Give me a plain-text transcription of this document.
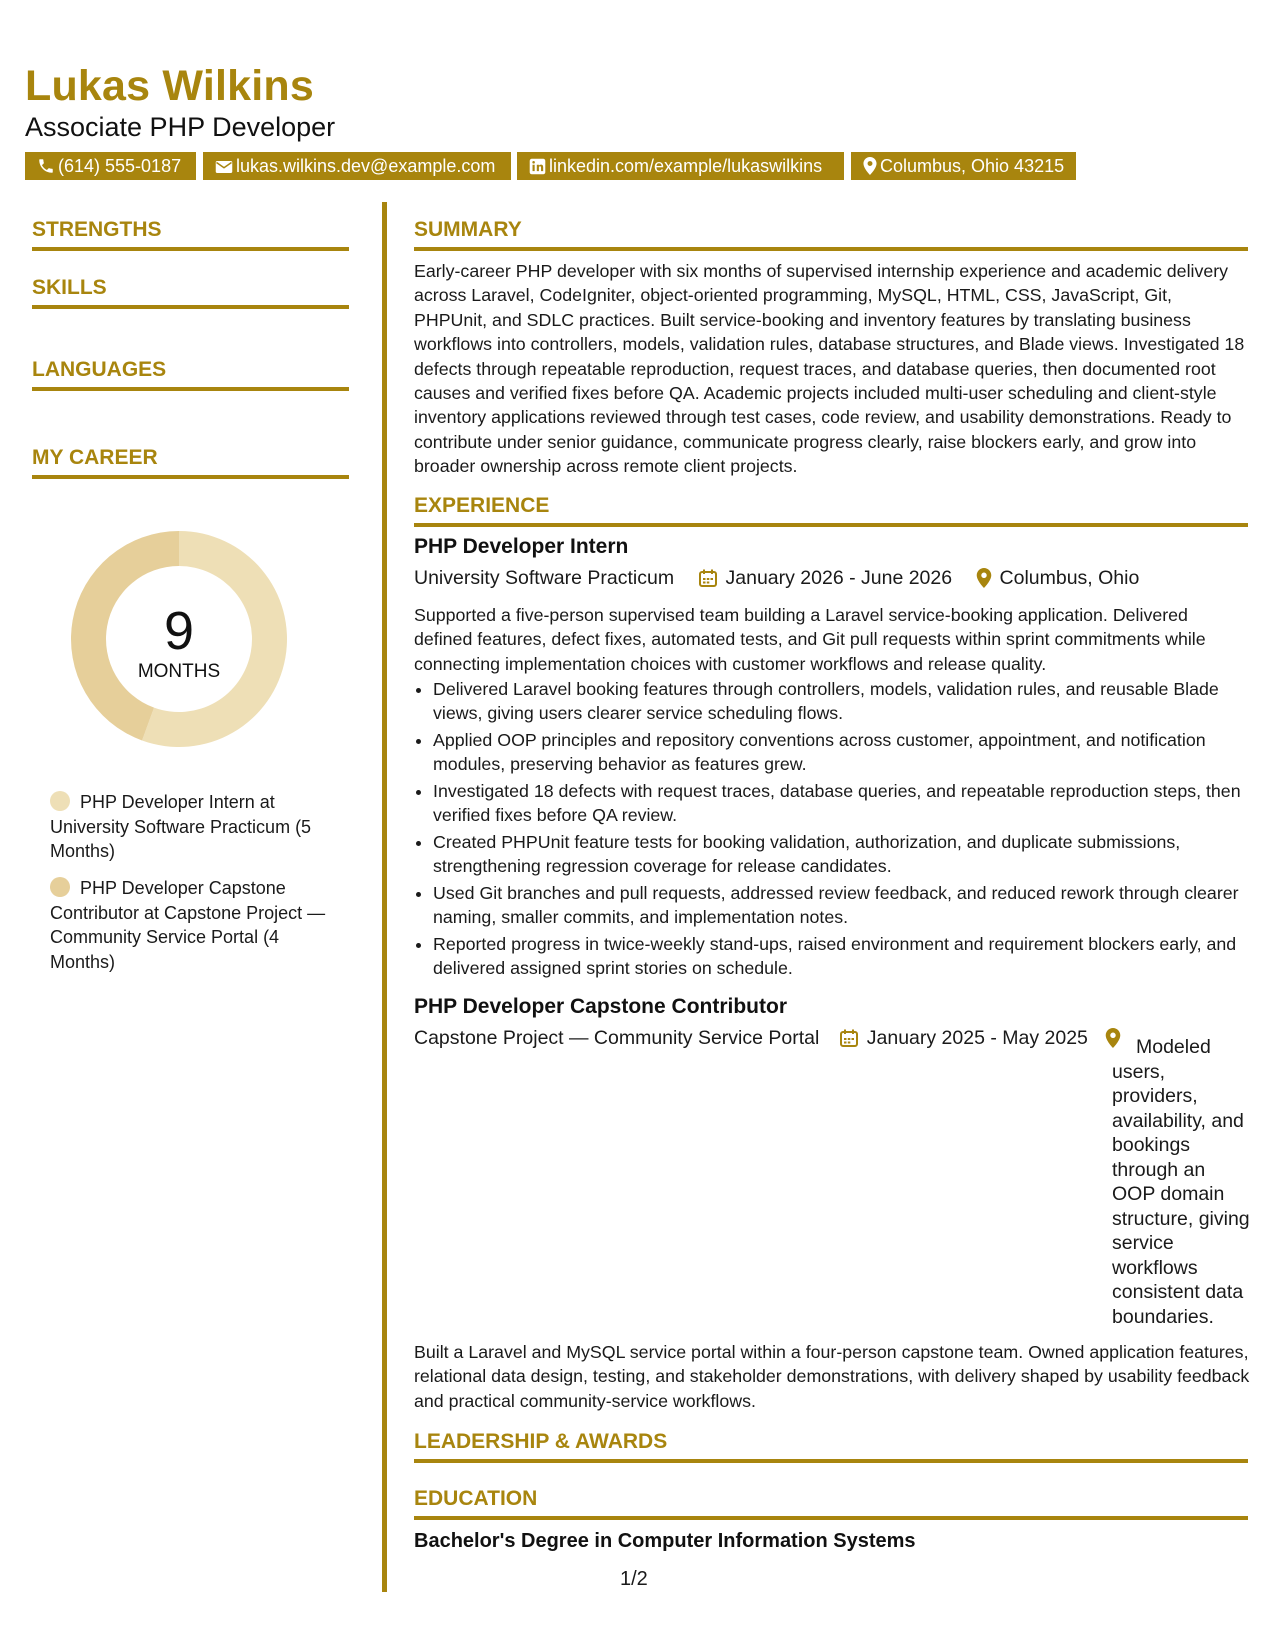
Lukas Wilkins
Associate PHP Developer
(614) 555-0187	lukas.wilkins.dev@example.com	linkedin.com/example/lukaswilkins	Columbus, Ohio 43215
STRENGTHS
SKILLS
LANGUAGES
MY CAREER
9
MONTHS
PHP Developer Intern at University Software Practicum (5 Months)
PHP Developer Capstone Contributor at Capstone Project — Community Service Portal (4 Months)
SUMMARY

Early-career PHP developer with six months of supervised internship experience and academic delivery across Laravel, CodeIgniter, object-oriented programming, MySQL, HTML, CSS, JavaScript, Git, PHPUnit, and SDLC practices. Built service-booking and inventory features by translating business workflows into controllers, models, validation rules, database structures, and Blade views. Investigated 18 defects through repeatable reproduction, request traces, and database queries, then documented root causes and verified fixes before QA. Academic projects included multi-user scheduling and client-style inventory applications reviewed through test cases, code review, and usability demonstrations. Ready to contribute under senior guidance, communicate progress clearly, raise blockers early, and grow into broader ownership across remote client projects.

EXPERIENCE
PHP Developer Intern
University Software Practicum	January 2026 - June 2026 Columbus, Ohio

Supported a five-person supervised team building a Laravel service-booking application. Delivered defined features, defect fixes, automated tests, and Git pull requests within sprint commitments while connecting implementation choices with customer workflows and release quality.

• Delivered Laravel booking features through controllers, models, validation rules, and reusable Blade views, giving users clearer service scheduling flows.
• Applied OOP principles and repository conventions across customer, appointment, and notification modules, preserving behavior as features grew.
• Investigated 18 defects with request traces, database queries, and repeatable reproduction steps, then verified fixes before QA review.
• Created PHPUnit feature tests for booking validation, authorization, and duplicate submissions, strengthening regression coverage for release candidates.
• Used Git branches and pull requests, addressed review feedback, and reduced rework through clearer naming, smaller commits, and implementation notes.
• Reported progress in twice-weekly stand-ups, raised environment and requirement blockers early, and delivered assigned sprint stories on schedule.
PHP Developer Capstone Contributor
Capstone Project — Community Service Portal January 2025 - May 2025	Modeled users, providers, availability, and bookings through an OOP domain structure, giving service workflows consistent data boundaries.

Built a Laravel and MySQL service portal within a four-person capstone team. Owned application features, relational data design, testing, and stakeholder demonstrations, with delivery shaped by usability feedback and practical community-service workflows.

LEADERSHIP & AWARDS
EDUCATION
Bachelor's Degree in Computer Information Systems
1/2
